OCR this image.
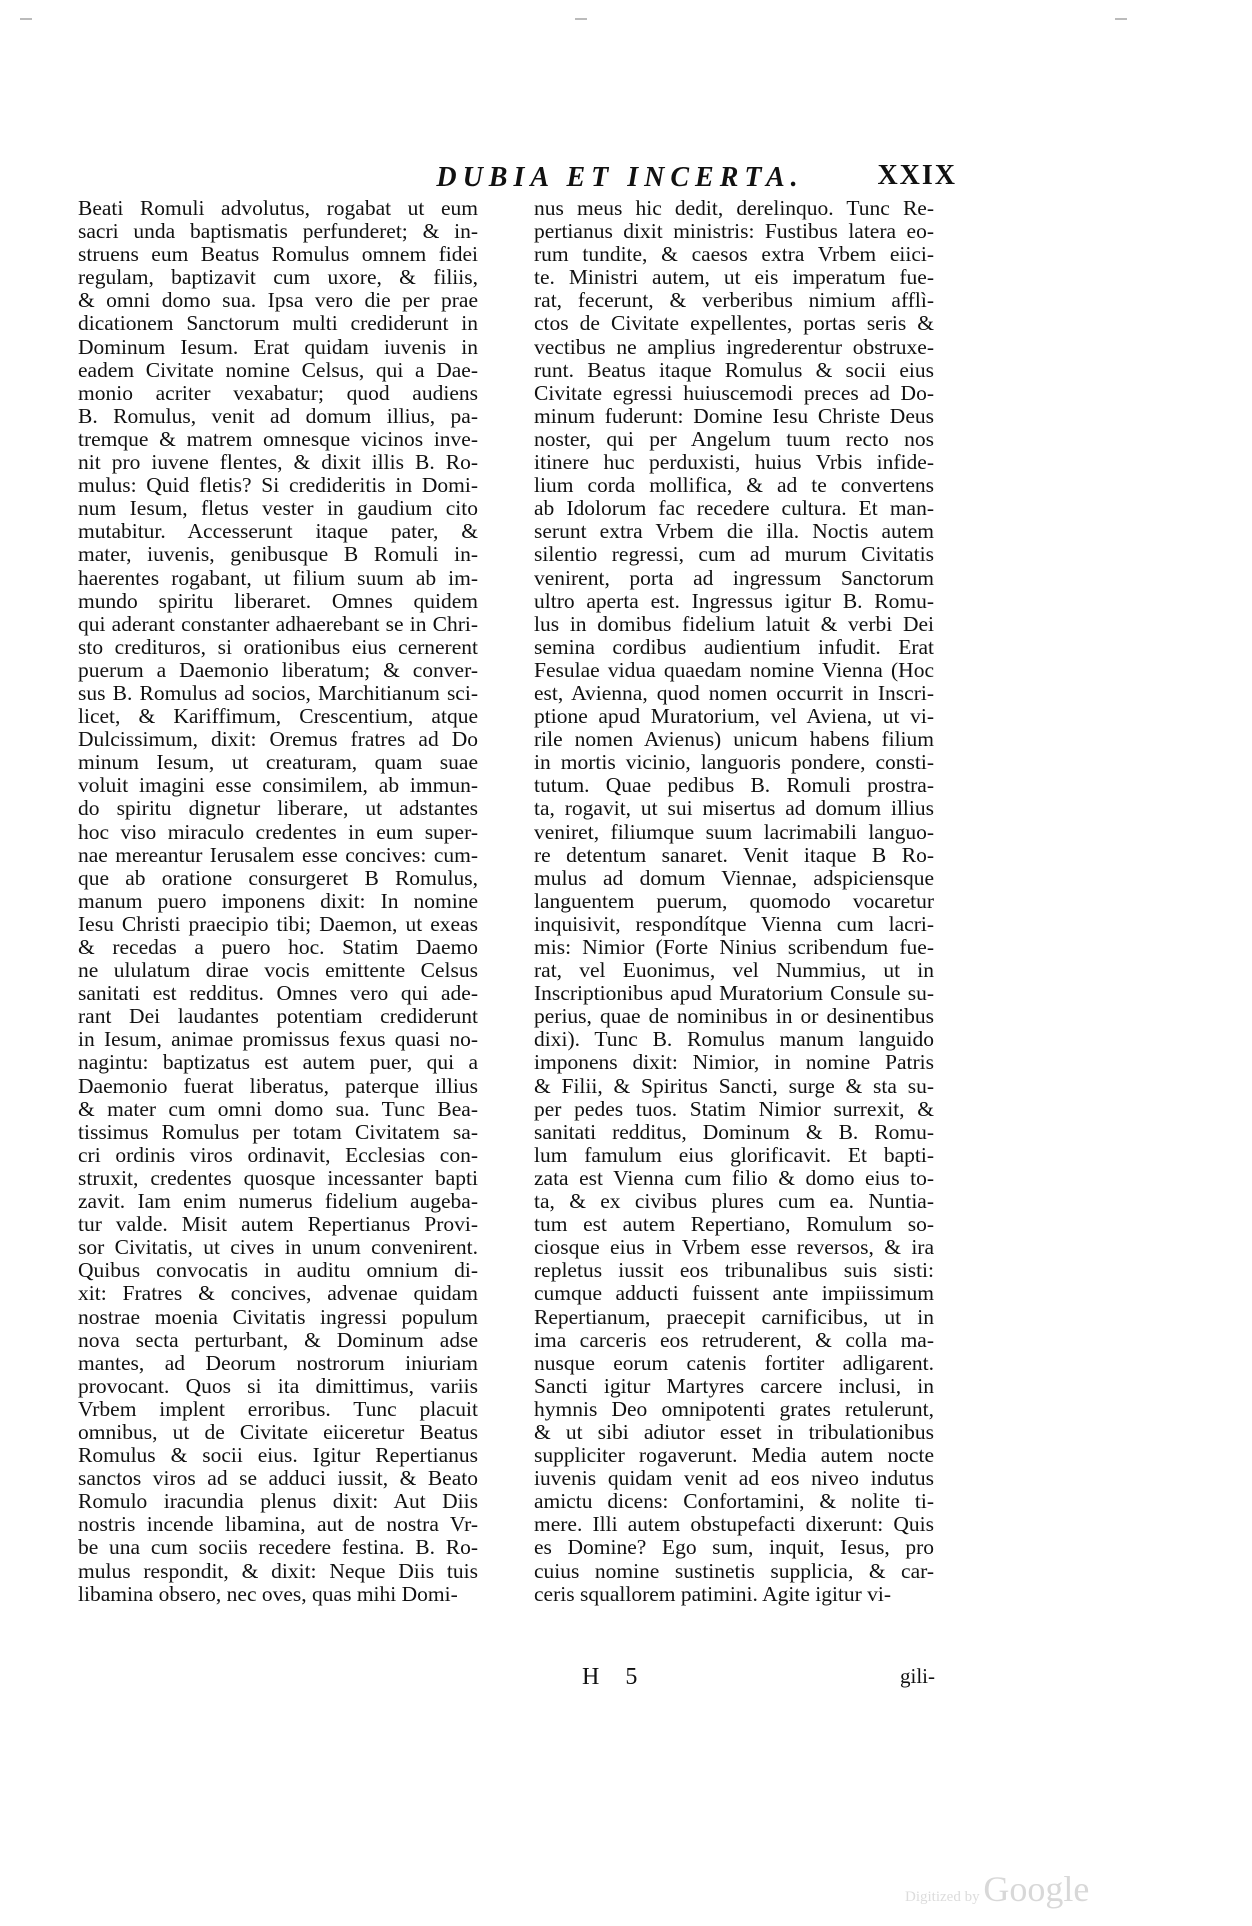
DUBIA ET INCERTA.	XXIX
Beati Romuli advolutus, rogabat ut eum
sacri unda baptismatis perfunderet; & in-
struens eum Beatus Romulus omnem fidei
regulam, baptizavit cum uxore, & filiis,
& omni domo sua. Ipsa vero die per prae
dicationem Sanctorum multi crediderunt in
Dominum Iesum. Erat quidam iuvenis in
eadem Civitate nomine Celsus, qui a Dae-
monio acriter vexabatur; quod audiens
B. Romulus, venit ad domum illius, pa-
tremque & matrem omnesque vicinos inve-
nit pro iuvene flentes, & dixit illis B. Ro-
mulus: Quid fletis? Si credideritis in Domi-
num Iesum, fletus vester in gaudium cito
mutabitur. Accesserunt itaque pater, &
mater, iuvenis, genibusque B Romuli in-
haerentes rogabant, ut filium suum ab im-
mundo spiritu liberaret. Omnes quidem
qui aderant constanter adhaerebant se in Chri-
sto credituros, si orationibus eius cernerent
puerum a Daemonio liberatum; & conver-
sus B. Romulus ad socios, Marchitianum sci-
licet, & Kariffimum, Crescentium, atque
Dulcissimum, dixit: Oremus fratres ad Do
minum Iesum, ut creaturam, quam suae
voluit imagini esse consimilem, ab immun-
do spiritu dignetur liberare, ut adstantes
hoc viso miraculo credentes in eum super-
nae mereantur Ierusalem esse concives: cum-
que ab oratione consurgeret B Romulus,
manum puero imponens dixit: In nomine
Iesu Christi praecipio tibi; Daemon, ut exeas
& recedas a puero hoc. Statim Daemo
ne ululatum dirae vocis emittente Celsus
sanitati est redditus. Omnes vero qui ade-
rant Dei laudantes potentiam crediderunt
in Iesum, animae promissus fexus quasi no-
nagintu: baptizatus est autem puer, qui a
Daemonio fuerat liberatus, paterque illius
& mater cum omni domo sua. Tunc Bea-
tissimus Romulus per totam Civitatem sa-
cri ordinis viros ordinavit, Ecclesias con-
struxit, credentes quosque incessanter bapti
zavit. Iam enim numerus fidelium augeba-
tur valde. Misit autem Repertianus Provi-
sor Civitatis, ut cives in unum convenirent.
Quibus convocatis in auditu omnium di-
xit: Fratres & concives, advenae quidam
nostrae moenia Civitatis ingressi populum
nova secta perturbant, & Dominum adse
mantes, ad Deorum nostrorum iniuriam
provocant. Quos si ita dimittimus, variis
Vrbem implent erroribus. Tunc placuit
omnibus, ut de Civitate eiiceretur Beatus
Romulus & socii eius. Igitur Repertianus
sanctos viros ad se adduci iussit, & Beato
Romulo iracundia plenus dixit: Aut Diis
nostris incende libamina, aut de nostra Vr-
be una cum sociis recedere festina. B. Ro-
mulus respondit, & dixit: Neque Diis tuis
libamina obsero, nec oves, quas mihi Domi-
nus meus hic dedit, derelinquo. Tunc Re-
pertianus dixit ministris: Fustibus latera eo-
rum tundite, & caesos extra Vrbem eiici-
te. Ministri autem, ut eis imperatum fue-
rat, fecerunt, & verberibus nimium afflì-
ctos de Civitate expellentes, portas seris &
vectibus ne amplius ingrederentur obstruxe-
runt. Beatus itaque Romulus & socii eius
Civitate egressi huiuscemodi preces ad Do-
minum fuderunt: Domine Iesu Christe Deus
noster, qui per Angelum tuum recto nos
itinere huc perduxisti, huius Vrbis infide-
lium corda mollifica, & ad te convertens
ab Idolorum fac recedere cultura. Et man-
serunt extra Vrbem die illa. Noctis autem
silentio regressi, cum ad murum Civitatis
venirent, porta ad ingressum Sanctorum
ultro aperta est. Ingressus igitur B. Romu-
lus in domibus fidelium latuit & verbi Dei
semina cordibus audientium infudit. Erat
Fesulae vidua quaedam nomine Vienna (Hoc
est, Avienna, quod nomen occurrit in Inscri-
ptione apud Muratorium, vel Aviena, ut vi-
rile nomen Avienus) unicum habens filium
in mortis vicinio, languoris pondere, consti-
tutum. Quae pedibus B. Romuli prostra-
ta, rogavit, ut sui misertus ad domum illius
veniret, filiumque suum lacrimabili languo-
re detentum sanaret. Venit itaque B Ro-
mulus ad domum Viennae, adspiciensque
languentem puerum, quomodo vocaretur
inquisivit, respondítque Vienna cum lacri-
mis: Nimior (Forte Ninius scribendum fue-
rat, vel Euonimus, vel Nummius, ut in
Inscriptionibus apud Muratorium Consule su-
perius, quae de nominibus in or desinentibus
dixi). Tunc B. Romulus manum languido
imponens dixit: Nimior, in nomine Patris
& Filii, & Spiritus Sancti, surge & sta su-
per pedes tuos. Statim Nimior surrexit, &
sanitati redditus, Dominum & B. Romu-
lum famulum eius glorificavit. Et bapti-
zata est Vienna cum filio & domo eius to-
ta, & ex civibus plures cum ea. Nuntia-
tum est autem Repertiano, Romulum so-
ciosque eius in Vrbem esse reversos, & ira
repletus iussit eos tribunalibus suis sisti:
cumque adducti fuissent ante impiissimum
Repertianum, praecepit carnificibus, ut in
ima carceris eos retruderent, & colla ma-
nusque eorum catenis fortiter adligarent.
Sancti igitur Martyres carcere inclusi, in
hymnis Deo omnipotenti grates retulerunt,
& ut sibi adiutor esset in tribulationibus
suppliciter rogaverunt. Media autem nocte
iuvenis quidam venit ad eos niveo indutus
amictu dicens: Confortamini, & nolite ti-
mere. Illi autem obstupefacti dixerunt: Quis
es Domine? Ego sum, inquit, Iesus, pro
cuius nomine sustinetis supplicia, & car-
ceris squallorem patimini. Agite igitur vi-
H 5	gili-
Digitized by Google
